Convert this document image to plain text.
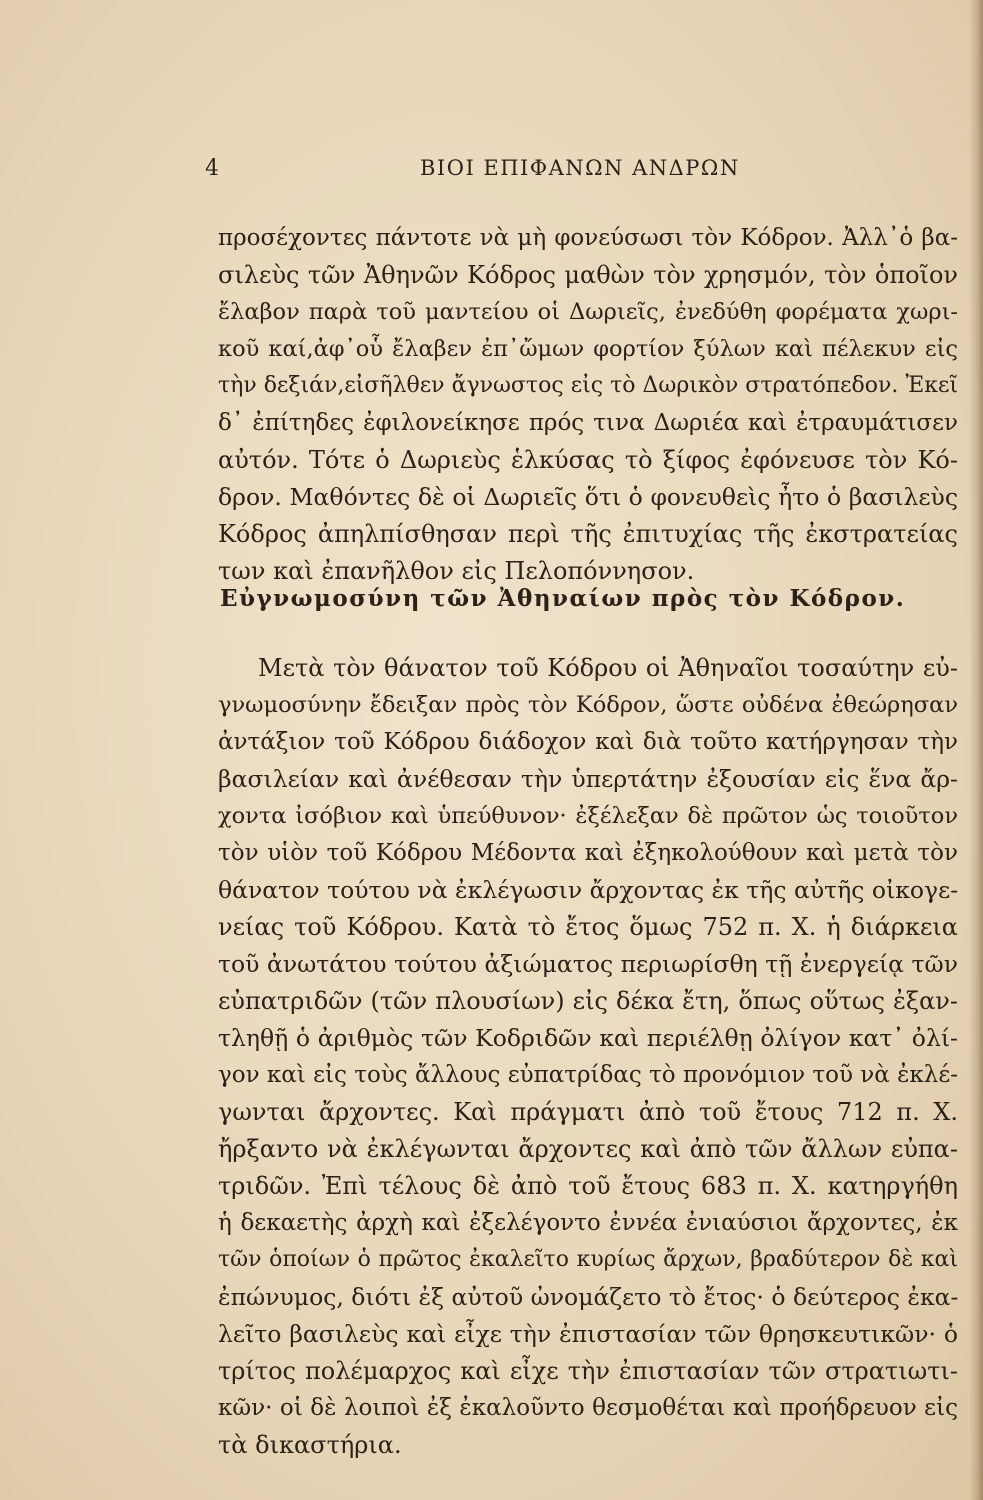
4	ΒΙΟΙ ΕΠΙΦΑΝΩΝ ΑΝΔΡΩΝ
προσέχοντες πάντοτε νὰ μὴ φονεύσωσι τὸν Κόδρον. Ἀλλ᾽ὁ βα-
σιλεὺς τῶν Ἀθηνῶν Κόδρος μαθὼν τὸν χρησμόν, τὸν ὁποῖον
ἔλαβον παρὰ τοῦ μαντείου οἱ Δωριεῖς, ἐνεδύθη φορέματα χωρι-
κοῦ καί,ἀφ᾽οὗ ἔλαβεν ἐπ᾽ὤμων φορτίον ξύλων καὶ πέλεκυν εἰς
τὴν δεξιάν,εἰσῆλθεν ἄγνωστος εἰς τὸ Δωρικὸν στρατόπεδον. Ἐκεῖ
δ᾽ ἐπίτηδες ἐφιλονείκησε πρός τινα Δωριέα καὶ ἐτραυμάτισεν
αὐτόν. Τότε ὁ Δωριεὺς ἑλκύσας τὸ ξίφος ἐφόνευσε τὸν Κό-
δρον. Μαθόντες δὲ οἱ Δωριεῖς ὅτι ὁ φονευθεὶς ἦτο ὁ βασιλεὺς
Κόδρος ἀπηλπίσθησαν περὶ τῆς ἐπιτυχίας τῆς ἐκστρατείας
των καὶ ἐπανῆλθον εἰς Πελοπόννησον.
Εὐγνωμοσύνη τῶν Ἀθηναίων πρὸς τὸν Κόδρον.
Μετὰ τὸν θάνατον τοῦ Κόδρου οἱ Ἀθηναῖοι τοσαύτην εὐ-
γνωμοσύνην ἔδειξαν πρὸς τὸν Κόδρον, ὥστε οὐδένα ἐθεώρησαν
ἀντάξιον τοῦ Κόδρου διάδοχον καὶ διὰ τοῦτο κατήργησαν τὴν
βασιλείαν καὶ ἀνέθεσαν τὴν ὑπερτάτην ἐξουσίαν εἰς ἕνα ἄρ-
χοντα ἰσόβιον καὶ ὑπεύθυνον· ἐξέλεξαν δὲ πρῶτον ὡς τοιοῦτον
τὸν υἱὸν τοῦ Κόδρου Μέδοντα καὶ ἐξηκολούθουν καὶ μετὰ τὸν
θάνατον τούτου νὰ ἐκλέγωσιν ἄρχοντας ἐκ τῆς αὐτῆς οἰκογε-
νείας τοῦ Κόδρου. Κατὰ τὸ ἔτος ὅμως 752 π. Χ. ἡ διάρκεια
τοῦ ἀνωτάτου τούτου ἀξιώματος περιωρίσθη τῇ ἐνεργείᾳ τῶν
εὐπατριδῶν (τῶν πλουσίων) εἰς δέκα ἔτη, ὅπως οὕτως ἐξαν-
τληθῇ ὁ ἀριθμὸς τῶν Κοδριδῶν καὶ περιέλθῃ ὀλίγον κατ᾽ ὀλί-
γον καὶ εἰς τοὺς ἄλλους εὐπατρίδας τὸ προνόμιον τοῦ νὰ ἐκλέ-
γωνται ἄρχοντες. Καὶ πράγματι ἀπὸ τοῦ ἔτους 712 π. Χ.
ἤρξαντο νὰ ἐκλέγωνται ἄρχοντες καὶ ἀπὸ τῶν ἄλλων εὐπα-
τριδῶν. Ἐπὶ τέλους δὲ ἀπὸ τοῦ ἔτους 683 π. Χ. κατηργήθη
ἡ δεκαετὴς ἀρχὴ καὶ ἐξελέγοντο ἐννέα ἐνιαύσιοι ἄρχοντες, ἐκ
τῶν ὁποίων ὁ πρῶτος ἐκαλεῖτο κυρίως ἄρχων, βραδύτερον δὲ καὶ
ἐπώνυμος, διότι ἐξ αὐτοῦ ὠνομάζετο τὸ ἔτος· ὁ δεύτερος ἐκα-
λεῖτο βασιλεὺς καὶ εἶχε τὴν ἐπιστασίαν τῶν θρησκευτικῶν· ὁ
τρίτος πολέμαρχος καὶ εἶχε τὴν ἐπιστασίαν τῶν στρατιωτι-
κῶν· οἱ δὲ λοιποὶ ἐξ ἐκαλοῦντο θεσμοθέται καὶ προήδρευον εἰς
τὰ δικαστήρια.
